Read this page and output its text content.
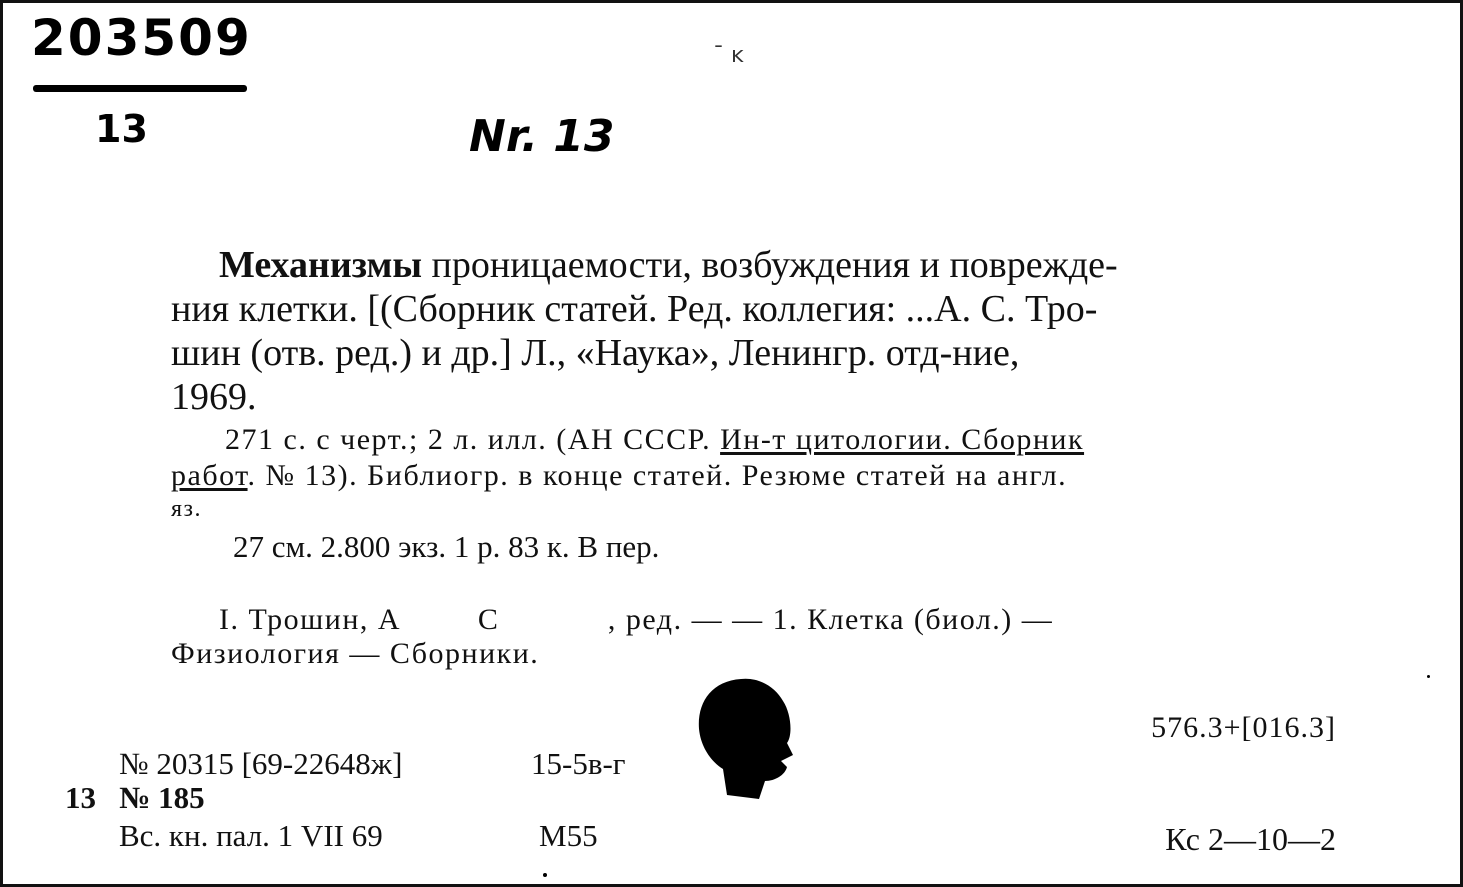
203509
13	Nr. 13
¯ ĸ
Механизмы проницаемости, возбуждения и поврежде-
ния клетки. [(Сборник статей. Ред. коллегия: ...А. С. Тро-
шин (отв. ред.) и др.] Л., «Наука», Ленингр. отд-ние,
1969.
271 с. с черт.; 2 л. илл. (АН СССР. Ин-т цитологии. Сборник
работ. № 13). Библиогр. в конце статей. Резюме статей на англ.
яз.
27 см. 2.800 экз. 1 р. 83 к. В пер.
I. Трошин, А	С	, ред. — — 1. Клетка (биол.) —
Физиология — Сборники.
576.3+[016.3]
№ 20315 [69-22648ж]	15-5в-г
13 № 185
Вс. кн. пал. 1 VII 69	М55	Кс 2—10—2
